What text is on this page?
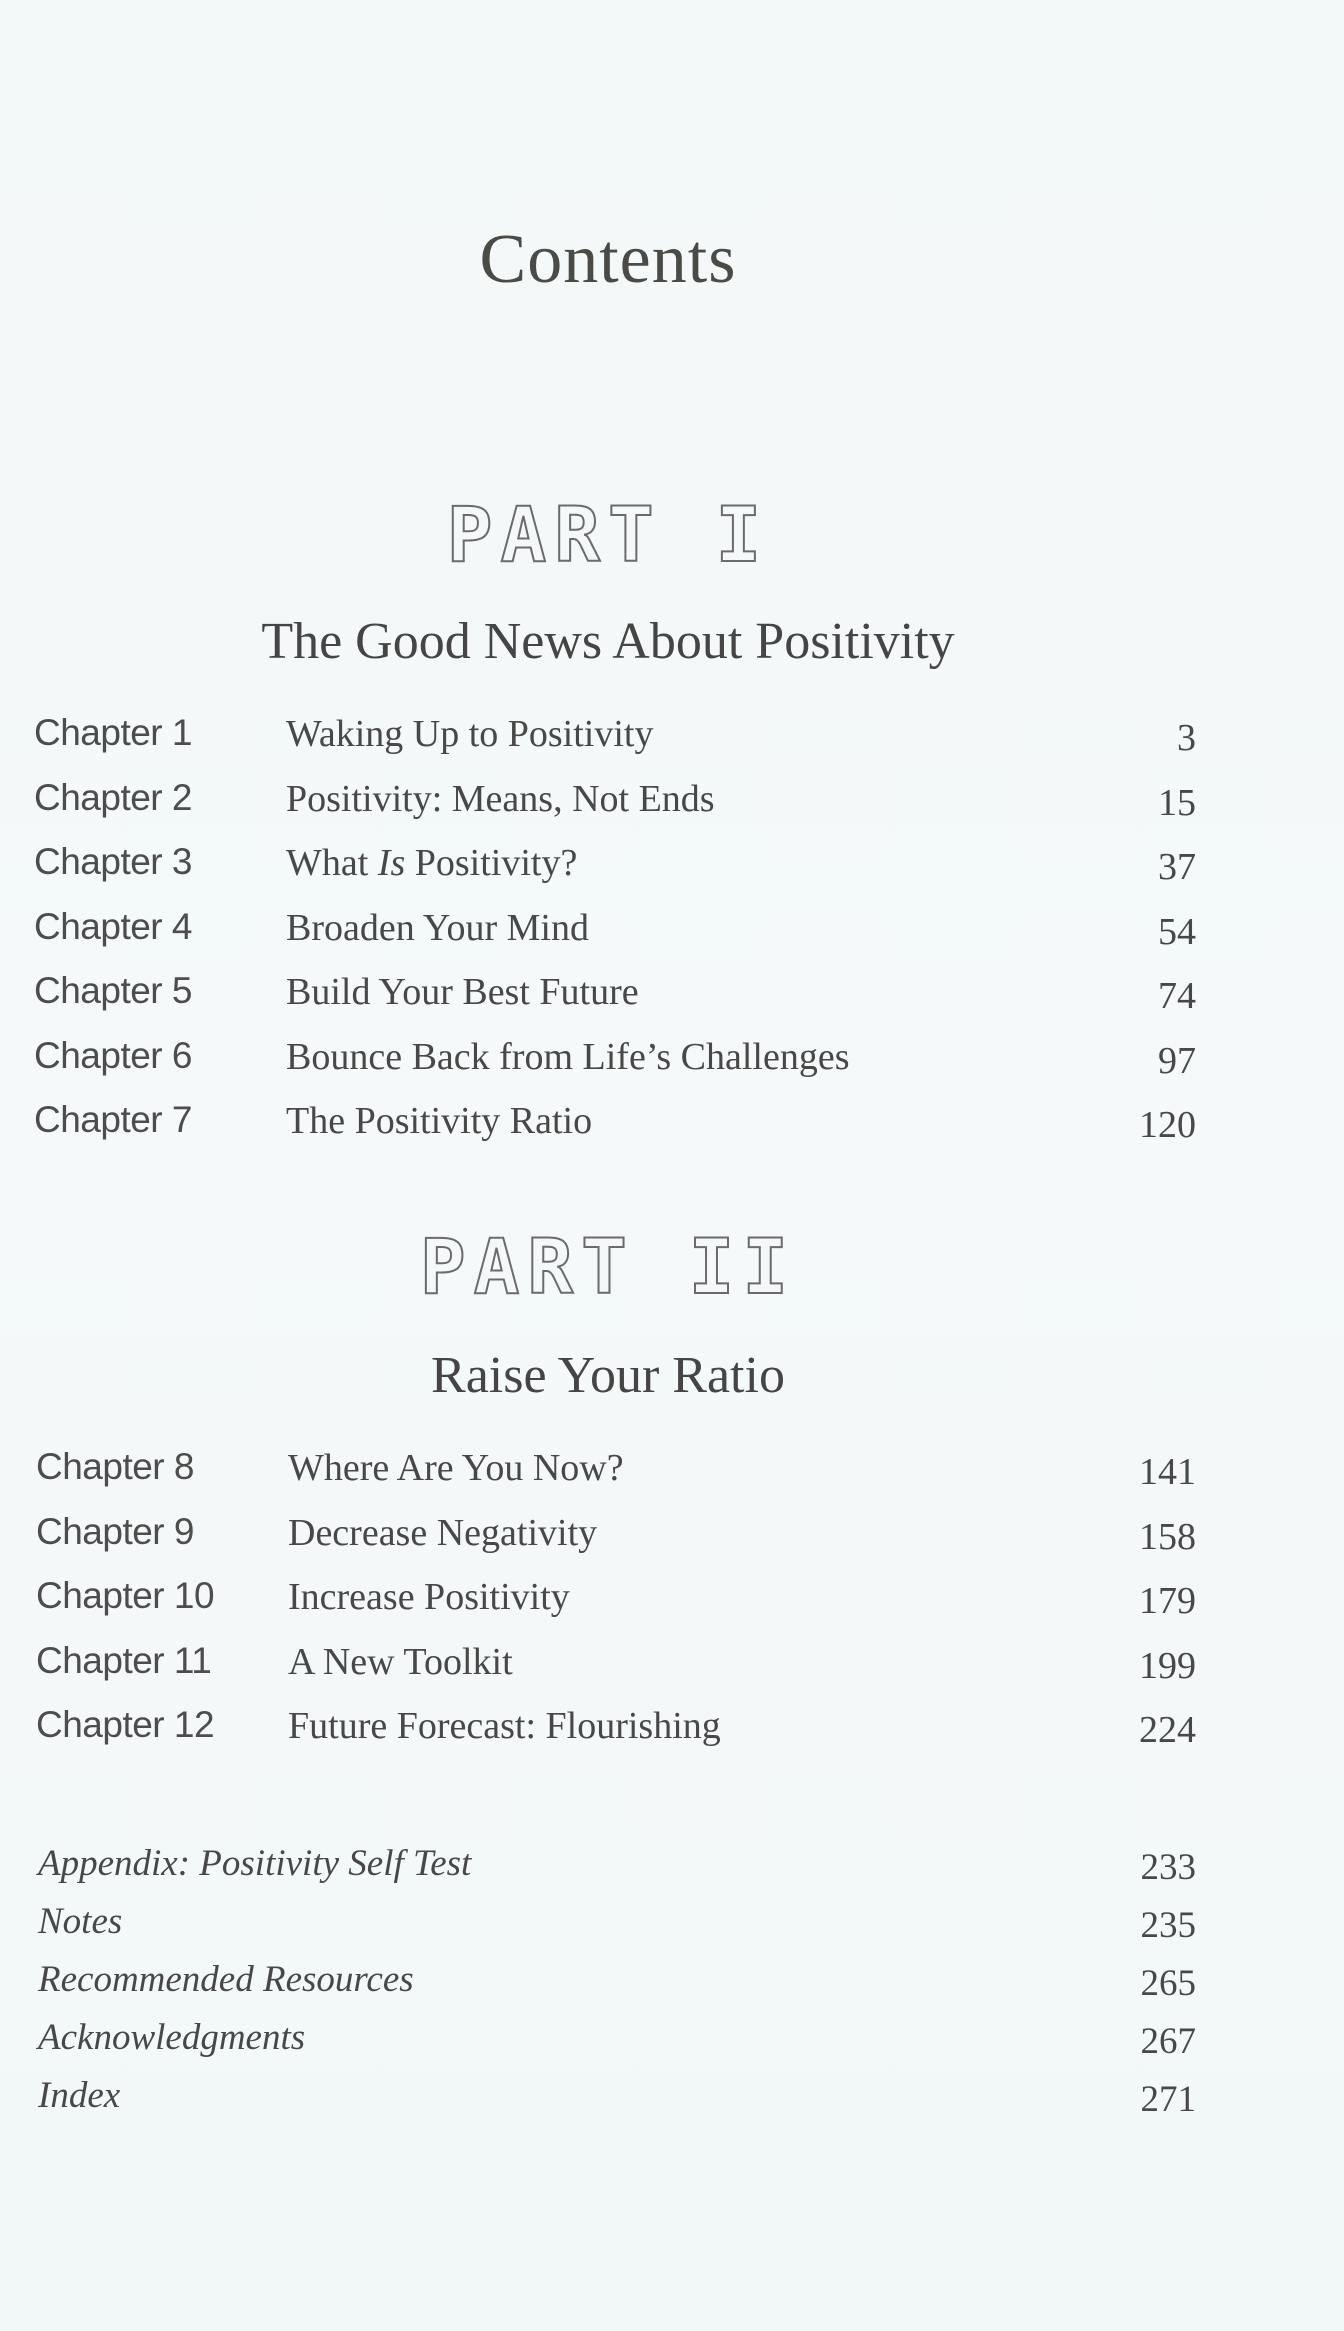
Contents
PART I
The Good News About Positivity
Chapter 1 Waking Up to Positivity	3
Chapter 2 Positivity: Means, Not Ends	15
Chapter 3 What Is Positivity?	37
Chapter 4 Broaden Your Mind	54
Chapter 5 Build Your Best Future	74
Chapter 6 Bounce Back from Life’s Challenges	97
Chapter 7 The Positivity Ratio	120
PART II
Raise Your Ratio
Chapter 8 Where Are You Now?	141
Chapter 9 Decrease Negativity	158
Chapter 10 Increase Positivity	179
Chapter 11 A New Toolkit	199
Chapter 12 Future Forecast: Flourishing	224
Appendix: Positivity Self Test	233
Notes	235
Recommended Resources	265
Acknowledgments	267
Index	271
